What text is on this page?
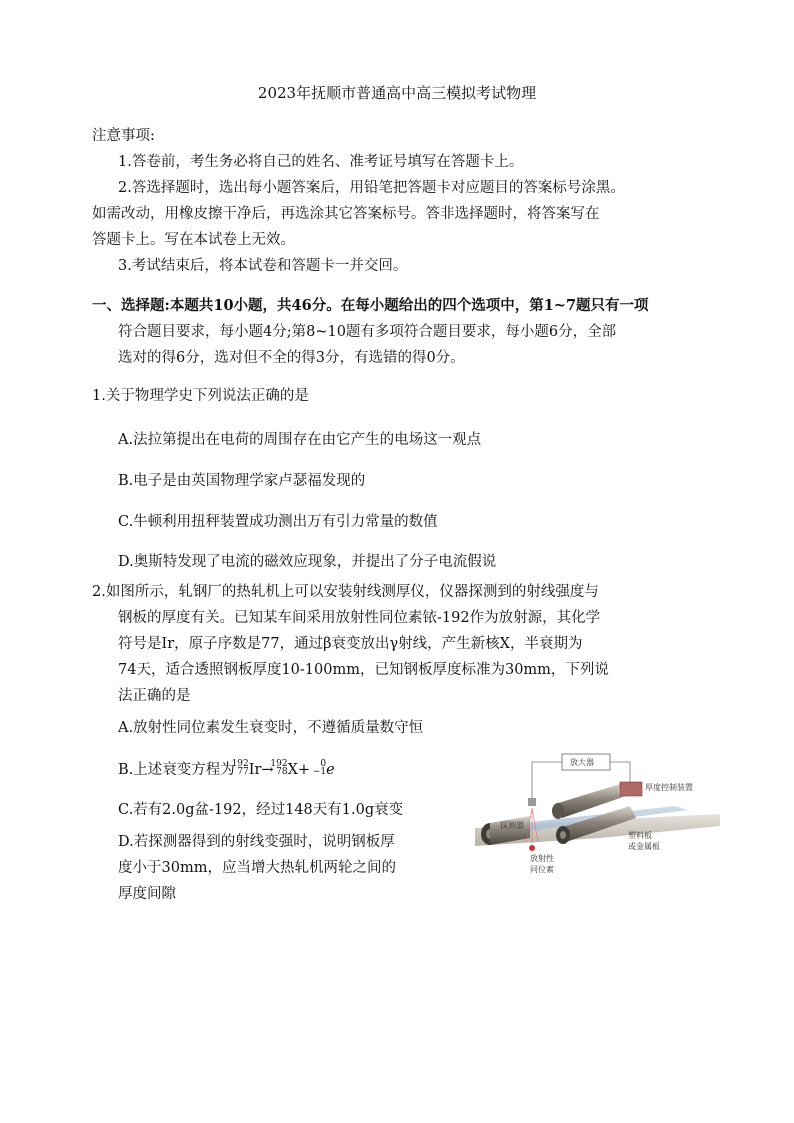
2023年抚顺市普通高中高三模拟考试物理
注意事项:
1.答卷前，考生务必将自己的姓名、准考证号填写在答题卡上。
2.答选择题时，选出每小题答案后，用铅笔把答题卡对应题目的答案标号涂黑。
如需改动，用橡皮擦干净后，再选涂其它答案标号。答非选择题时，将答案写在
答题卡上。写在本试卷上无效。
3.考试结束后，将本试卷和答题卡一并交回。
一、选择题:本题共10小题，共46分。在每小题给出的四个选项中，第1~7题只有一项
符合题目要求，每小题4分;第8~10题有多项符合题目要求，每小题6分，全部
选对的得6分，选对但不全的得3分，有选错的得0分。
1.关于物理学史下列说法正确的是
A.法拉第提出在电荷的周围存在由它产生的电场这一观点
B.电子是由英国物理学家卢瑟福发现的
C.牛顿利用扭秤装置成功测出万有引力常量的数值
D.奥斯特发现了电流的磁效应现象，并提出了分子电流假说
2.如图所示，轧钢厂的热轧机上可以安装射线测厚仪，仪器探测到的射线强度与
钢板的厚度有关。已知某车间采用放射性同位素铱-192作为放射源，其化学
符号是Ir，原子序数是77，通过β衰变放出γ射线，产生新核X，半衰期为
74天，适合透照钢板厚度10-100mm，已知钢板厚度标准为30mm，下列说
法正确的是
A.放射性同位素发生衰变时，不遵循质量数守恒
B.上述衰变方程为
192
77 Ir→
192
78 X+ 0
−1 e
C.若有2.0g盆-192，经过148天有1.0g衰变
D.若探测器得到的射线变强时，说明钢板厚
度小于30mm，应当增大热轧机两轮之间的
厚度间隙
放大器
厚度控制装置
探测器
放射性
同位素
塑料板
或金属板
